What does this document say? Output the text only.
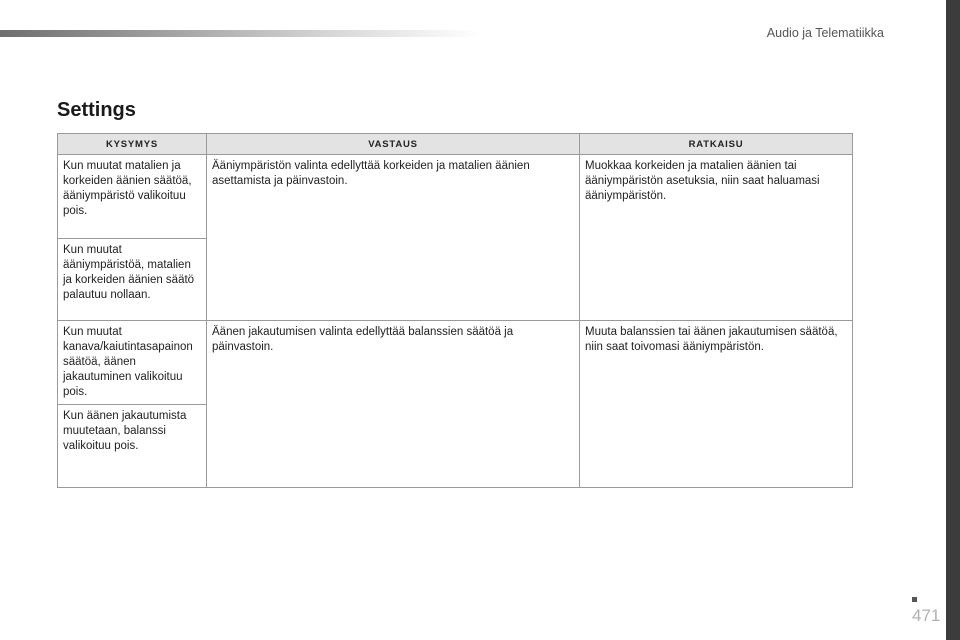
Audio ja Telematiikka
Settings
KYSYMYS	VASTAUS	RATKAISU
Kun muutat matalien ja korkeiden äänien säätöä, ääniympäristö valikoituu pois.	Ääniympäristön valinta edellyttää korkeiden ja matalien äänien asettamista ja päinvastoin.	Muokkaa korkeiden ja matalien äänien tai ääniympäristön asetuksia, niin saat haluamasi ääniympäristön.
Kun muutat ääniympäristöä, matalien ja korkeiden äänien säätö palautuu nollaan.		
Kun muutat kanava/kaiutintasapainon säätöä, äänen jakautuminen valikoituu pois.	Äänen jakautumisen valinta edellyttää balanssien säätöä ja päinvastoin.	Muuta balanssien tai äänen jakautumisen säätöä, niin saat toivomasi ääniympäristön.
Kun äänen jakautumista muutetaan, balanssi valikoituu pois.		
471
